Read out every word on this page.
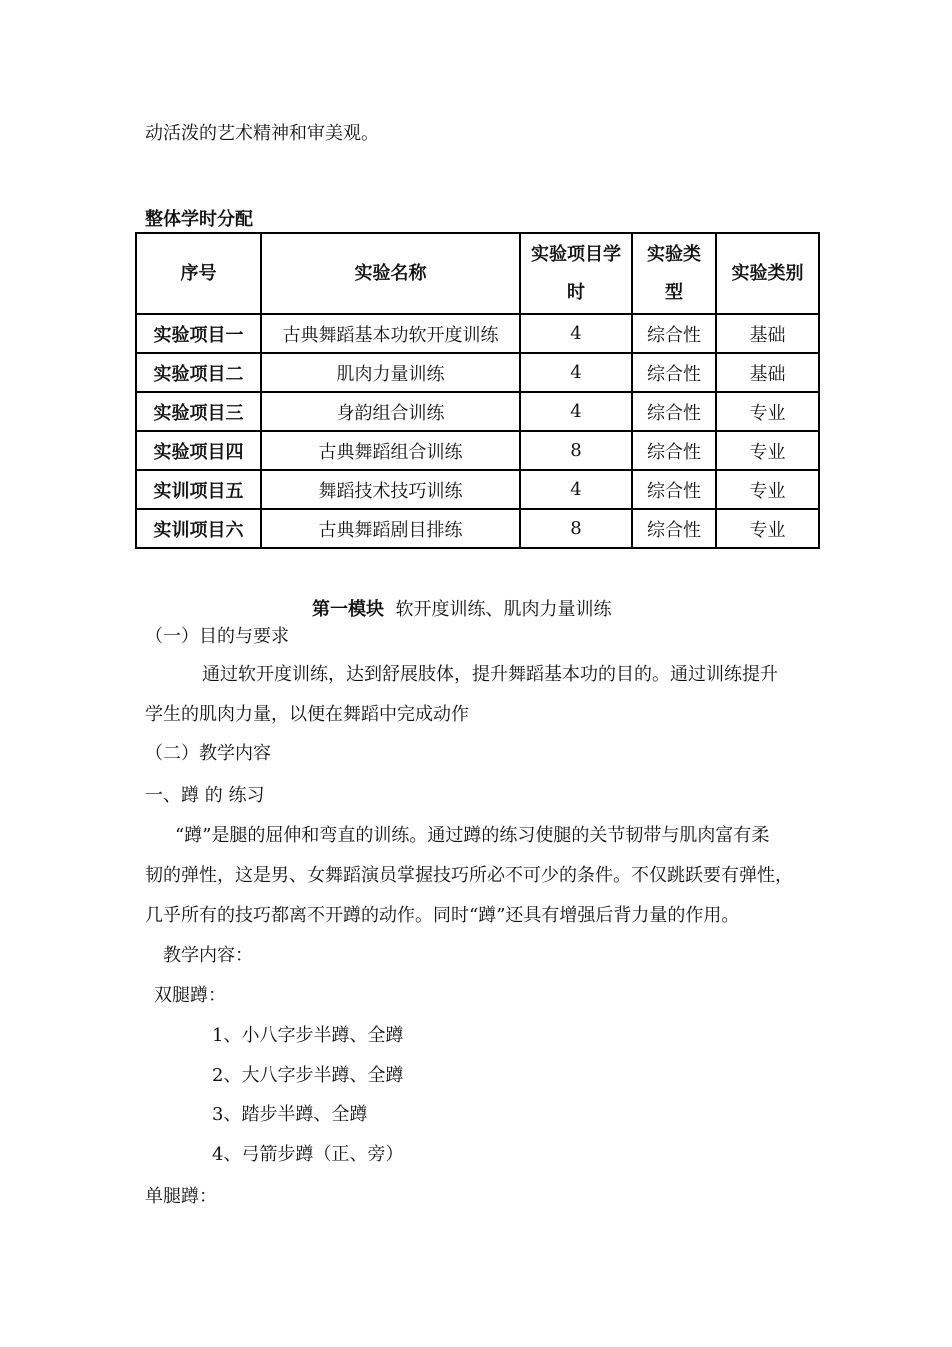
动活泼的艺术精神和审美观。
整体学时分配
序号	实验名称	实验项目学时	实验类型	实验类别
实验项目一	古典舞蹈基本功软开度训练	4	综合性	基础
实验项目二	肌肉力量训练	4	综合性	基础
实验项目三	身韵组合训练	4	综合性	专业
实验项目四	古典舞蹈组合训练	8	综合性	专业
实训项目五	舞蹈技术技巧训练	4	综合性	专业
实训项目六	古典舞蹈剧目排练	8	综合性	专业
第一模块 软开度训练、肌肉力量训练
（一）目的与要求
通过软开度训练，达到舒展肢体，提升舞蹈基本功的目的。通过训练提升
学生的肌肉力量，以便在舞蹈中完成动作
（二）教学内容
一、蹲 的 练习
“蹲”是腿的屈伸和弯直的训练。通过蹲的练习使腿的关节韧带与肌肉富有柔
韧的弹性，这是男、女舞蹈演员掌握技巧所必不可少的条件。不仅跳跃要有弹性，
几乎所有的技巧都离不开蹲的动作。同时“蹲”还具有增强后背力量的作用。
教学内容：
双腿蹲：
1、小八字步半蹲、全蹲
2、大八字步半蹲、全蹲
3、踏步半蹲、全蹲
4、弓箭步蹲（正、旁）
单腿蹲：
